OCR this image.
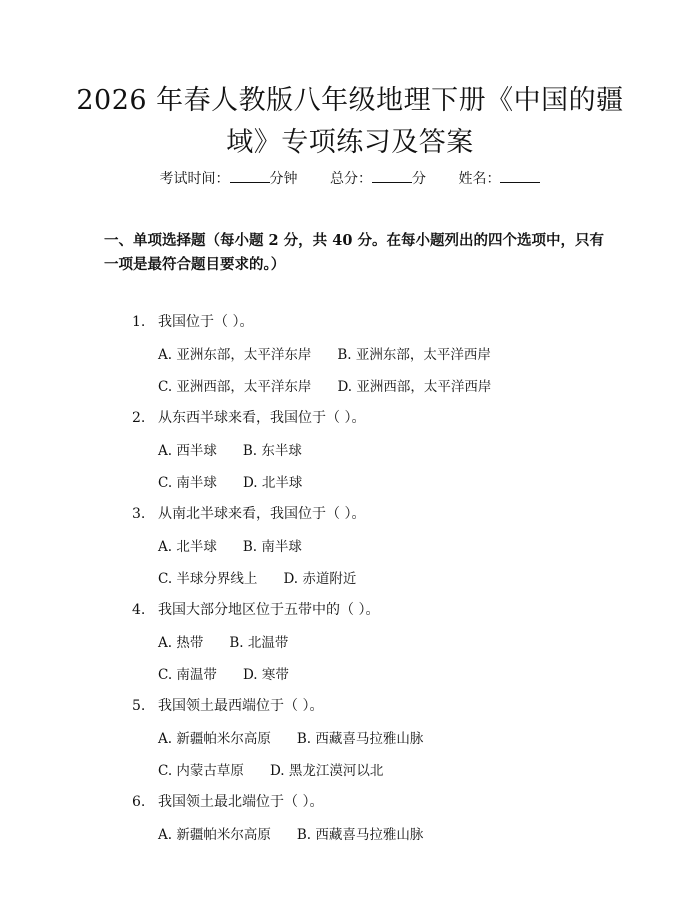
2026 年春人教版八年级地理下册《中国的疆
域》专项练习及答案
考试时间：	分钟 总分：	分 姓名：
一、单项选择题（每小题 2 分，共 40 分。在每小题列出的四个选项中，只有一项是最符合题目要求的。）
1. 我国位于（ ）。
A. 亚洲东部，太平洋东岸 B. 亚洲东部，太平洋西岸
C. 亚洲西部，太平洋东岸 D. 亚洲西部，太平洋西岸
2. 从东西半球来看，我国位于（ ）。
A. 西半球 B. 东半球
C. 南半球 D. 北半球
3. 从南北半球来看，我国位于（ ）。
A. 北半球 B. 南半球
C. 半球分界线上 D. 赤道附近
4. 我国大部分地区位于五带中的（ ）。
A. 热带 B. 北温带
C. 南温带 D. 寒带
5. 我国领土最西端位于（ ）。
A. 新疆帕米尔高原 B. 西藏喜马拉雅山脉
C. 内蒙古草原 D. 黑龙江漠河以北
6. 我国领土最北端位于（ ）。
A. 新疆帕米尔高原 B. 西藏喜马拉雅山脉
